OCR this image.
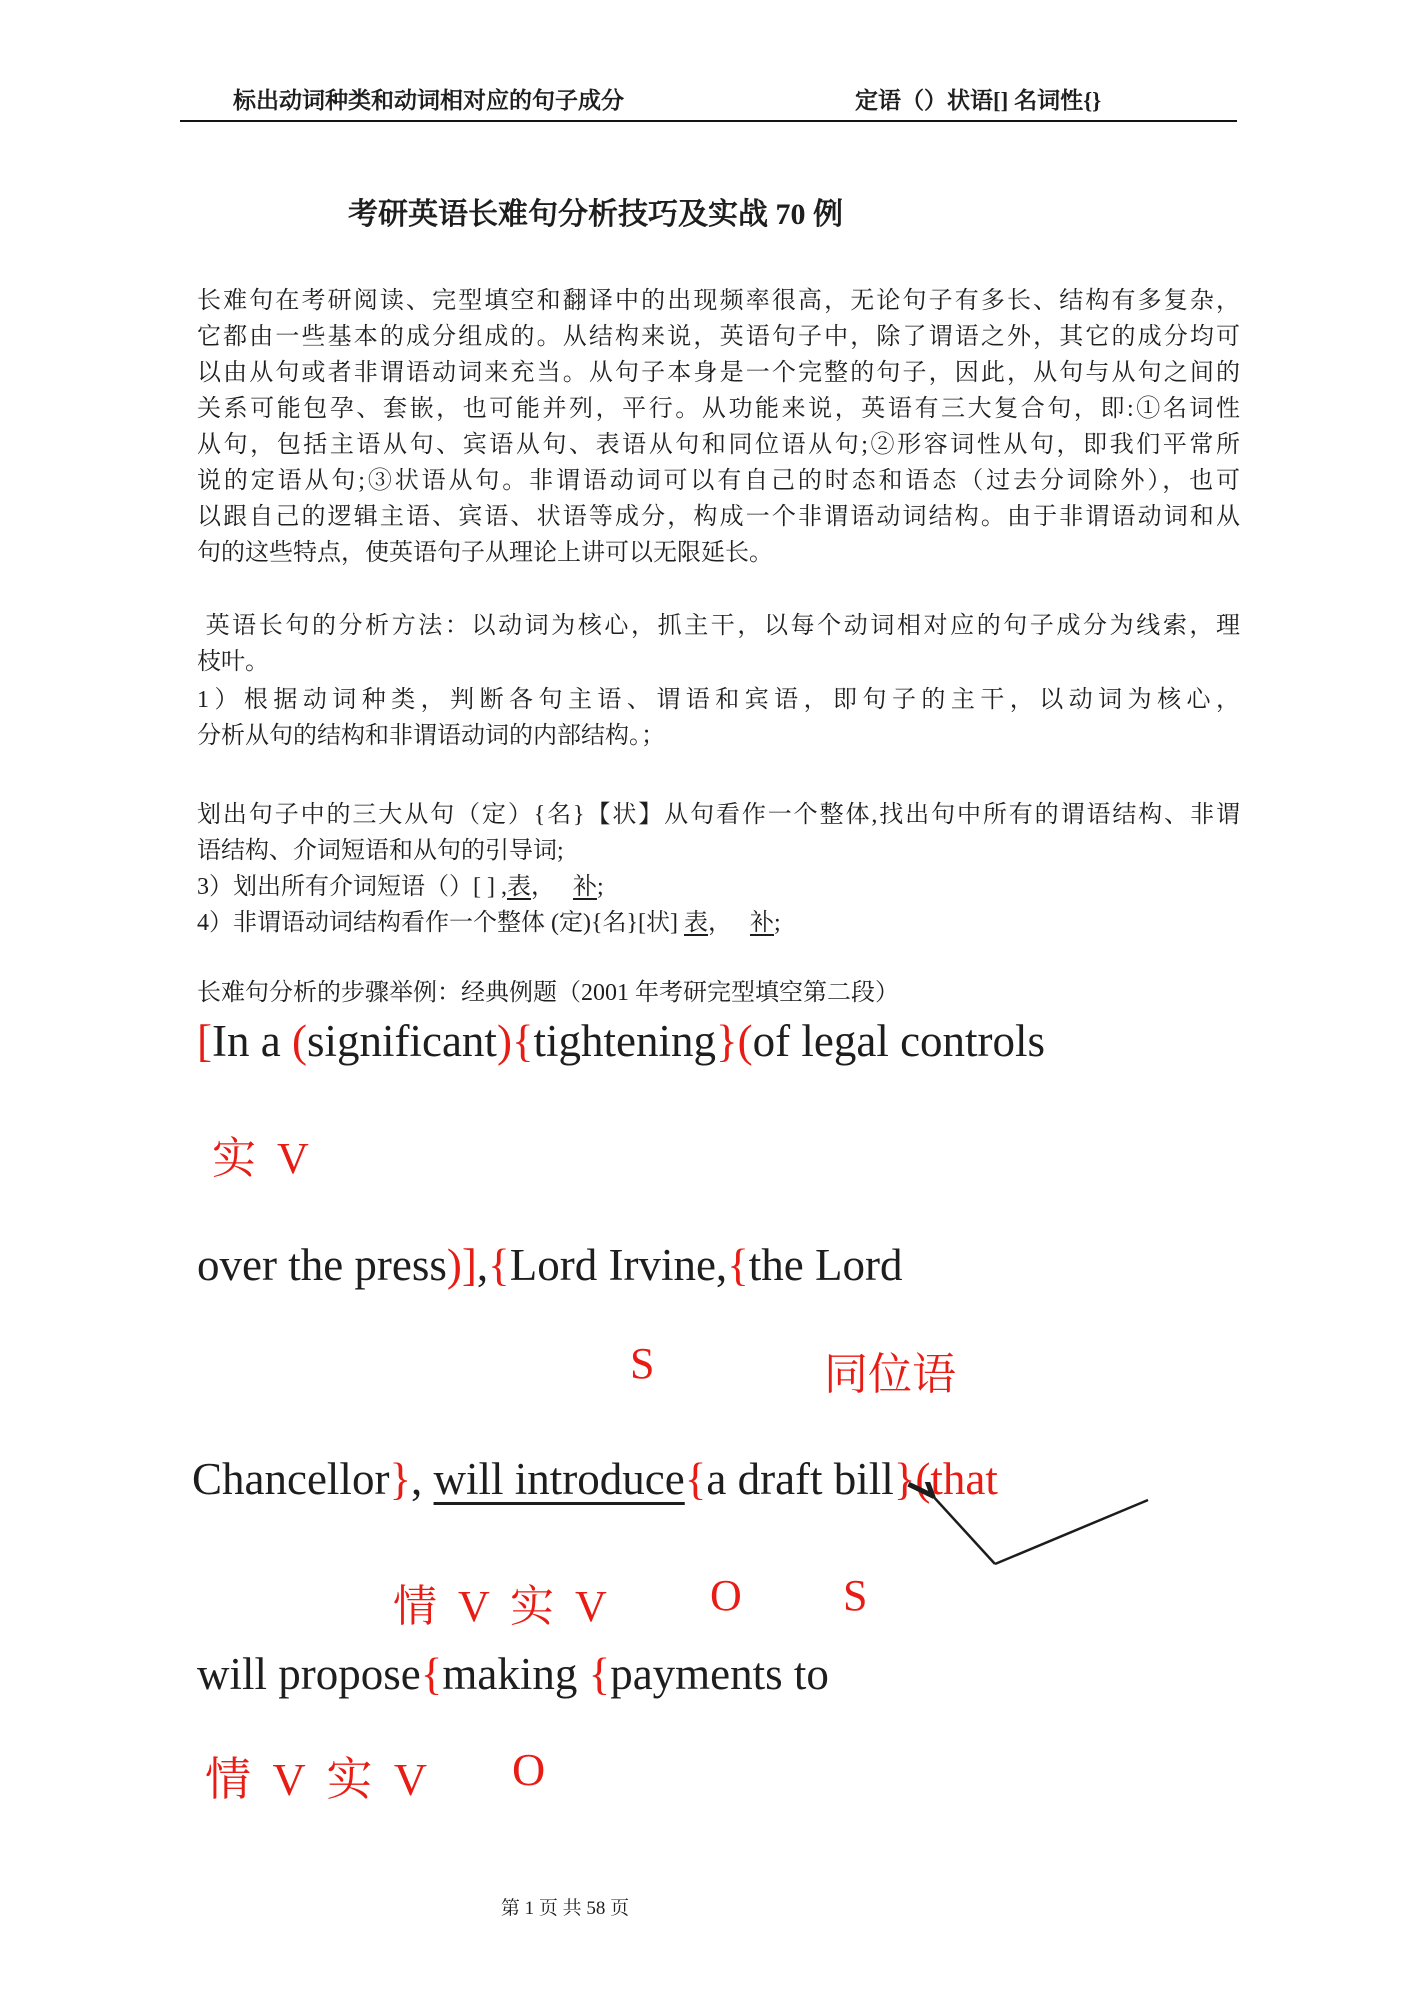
标出动词种类和动词相对应的句子成分	定语（）状语[] 名词性{}
考研英语长难句分析技巧及实战 70 例
长难句在考研阅读、完型填空和翻译中的出现频率很高，无论句子有多长、结构有多复杂，
它都由一些基本的成分组成的。从结构来说，英语句子中，除了谓语之外，其它的成分均可
以由从句或者非谓语动词来充当。从句子本身是一个完整的句子，因此，从句与从句之间的
关系可能包孕、套嵌，也可能并列，平行。从功能来说，英语有三大复合句，即:①名词性
从句，包括主语从句、宾语从句、表语从句和同位语从句;②形容词性从句，即我们平常所
说的定语从句;③状语从句。非谓语动词可以有自己的时态和语态（过去分词除外），也可
以跟自己的逻辑主语、宾语、状语等成分，构成一个非谓语动词结构。由于非谓语动词和从
句的这些特点，使英语句子从理论上讲可以无限延长。
英语长句的分析方法：以动词为核心，抓主干，以每个动词相对应的句子成分为线索，理
枝叶。
1）根据动词种类，判断各句主语、谓语和宾语，即句子的主干，以动词为核心，
分析从句的结构和非谓语动词的内部结构。；
划出句子中的三大从句（定）{名}【状】从句看作一个整体,找出句中所有的谓语结构、非谓
语结构、介词短语和从句的引导词;
3）划出所有介词短语（）[ ] ,表，   补;
4）非谓语动词结构看作一个整体 (定){名}[状] 表，   补;
长难句分析的步骤举例：经典例题（2001 年考研完型填空第二段）
[In a (significant){tightening}(of legal controls
实 V
over the press)],{Lord Irvine,{the Lord
S	同位语
Chancellor}, will introduce{a draft bill}(that
情 V 实 V O S
will propose{making {payments to
情 V 实 V O
第 1 页 共 58 页
